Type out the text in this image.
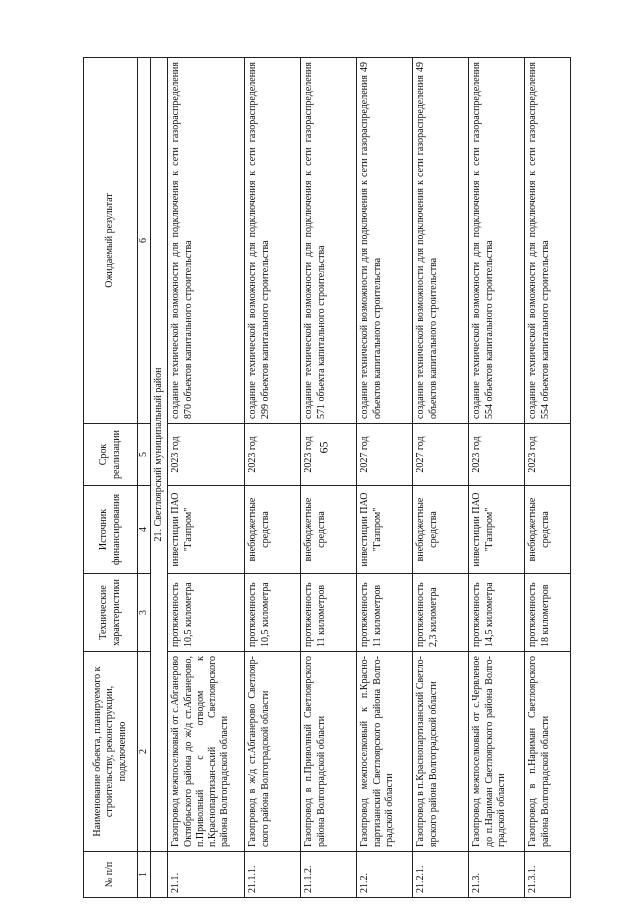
65
№ п/п	Наименование объекта, планируемого к строительству, реконструкции, подключению	Технические характеристики	Источник финансирования	Срок реализации	Ожидаемый результат
1	2	3	4	5	6
	21. Светлоярский муниципальный район				
21.1.	Газопровод межпоселковый от с.Абганерово Октябрьского района до ж/д ст.Абганерово, п.Приволный с отводом к п.Краснопартизан-ский Светлоярского района Волгоградской области	протяженность 10,5 километра	инвестиции ПАО "Газпром"	2023 год	создание технической возможности для подключения к сети газораспределения 870 объектов капитального строительства
21.1.1.	Газопровод в ж/д ст.Абганерово Светлояр-ского района Волгоградской области	протяженность 10,5 километра	внебюджетные средства	2023 год	создание технической возможности для подключения к сети газораспределения 299 объектов капитального строительства
21.1.2.	Газопровод в п.Приволный Светлоярского района Волгоградской области	протяженность 11 километров	внебюджетные средства	2023 год	создание технической возможности для подключения к сети газораспределения 571 объекта капитального строительства
21.2.	Газопровод межпоселковый к п.Красно-партизанский Светлоярского района Волго-градской области	протяженность 11 километров	инвестиции ПАО "Газпром"	2027 год	создание технической возможности для подключения к сети газораспределения 49 объектов капитального строительства
21.2.1.	Газопровод в п.Краснопартизанский Светло-ярского района Волгоградской области	протяженность 2,3 километра	внебюджетные средства	2027 год	создание технической возможности для подключения к сети газораспределения 49 объектов капитального строительства
21.3.	Газопровод межпоселковый от с.Червленое до п.Нариман Светлоярского района Волго-градской области	протяженность 14,5 километра	инвестиции ПАО "Газпром"	2023 год	создание технической возможности для подключения к сети газораспределения 554 объектов капитального строительства
21.3.1.	Газопровод в п.Нариман Светлоярского района Волгоградской области	протяженность 18 километров	внебюджетные средства	2023 год	создание технической возможности для подключения к сети газораспределения 554 объектов капитального строительства
